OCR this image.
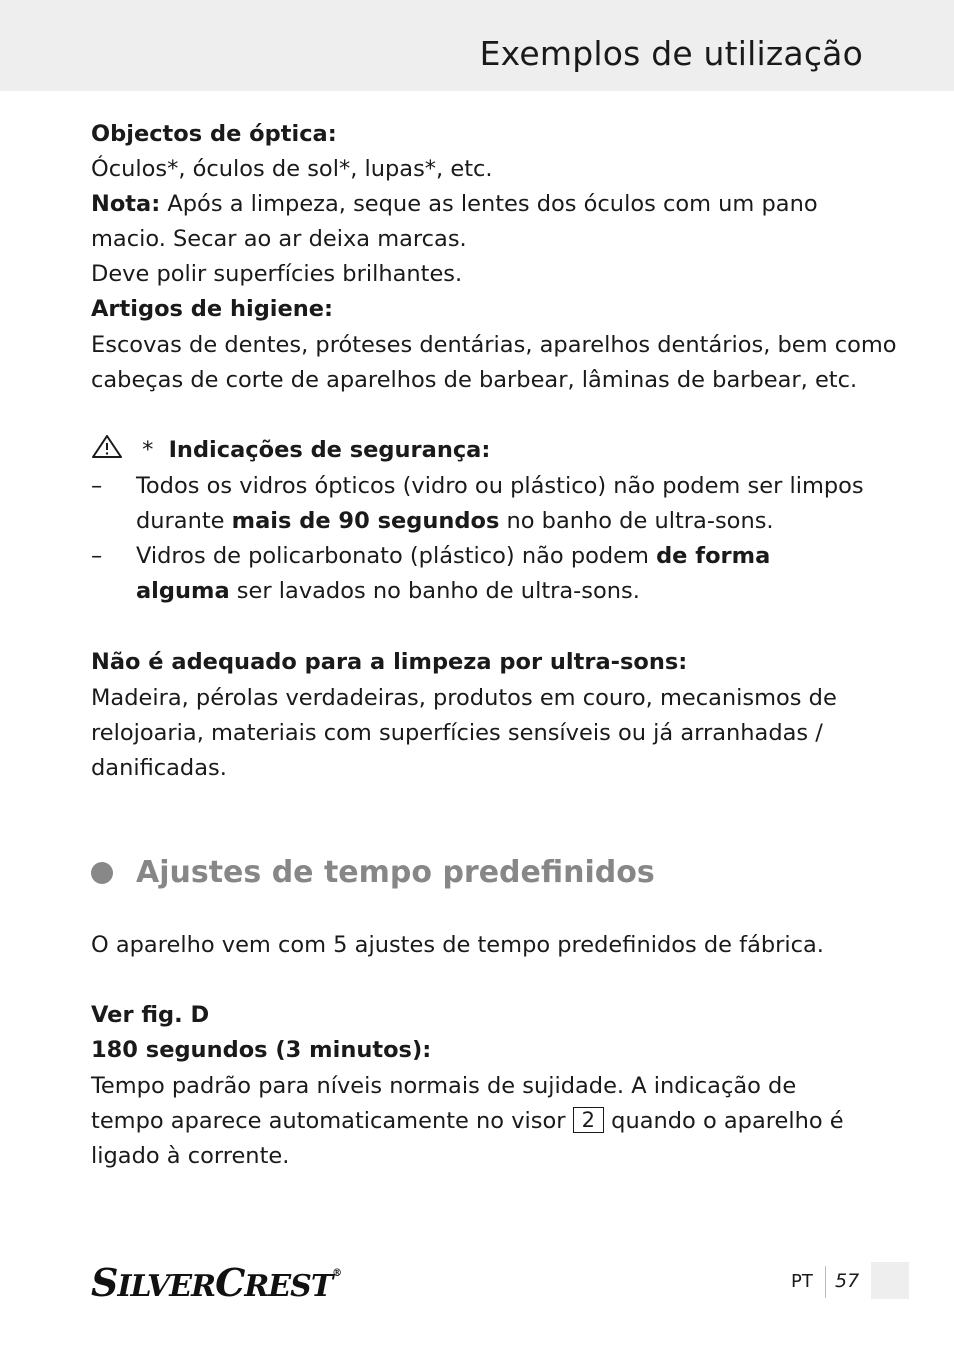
Exemplos de utilização
Objectos de óptica:
Óculos*, óculos de sol*, lupas*, etc.
Nota: Após a limpeza, seque as lentes dos óculos com um pano
macio. Secar ao ar deixa marcas.
Deve polir superfícies brilhantes.
Artigos de higiene:
Escovas de dentes, próteses dentárias, aparelhos dentários, bem como
cabeças de corte de aparelhos de barbear, lâminas de barbear, etc.
* Indicações de segurança:
– Todos os vidros ópticos (vidro ou plástico) não podem ser limpos
durante mais de 90 segundos no banho de ultra-sons.
– Vidros de policarbonato (plástico) não podem de forma
alguma ser lavados no banho de ultra-sons.
Não é adequado para a limpeza por ultra-sons:
Madeira, pérolas verdadeiras, produtos em couro, mecanismos de
relojoaria, materiais com superfícies sensíveis ou já arranhadas /
danificadas.
Ajustes de tempo predefinidos
O aparelho vem com 5 ajustes de tempo predefinidos de fábrica.
Ver fig. D
180 segundos (3 minutos):
Tempo padrão para níveis normais de sujidade. A indicação de
tempo aparece automaticamente no visor 2 quando o aparelho é
ligado à corrente.
SILVERCREST®	PT 57
